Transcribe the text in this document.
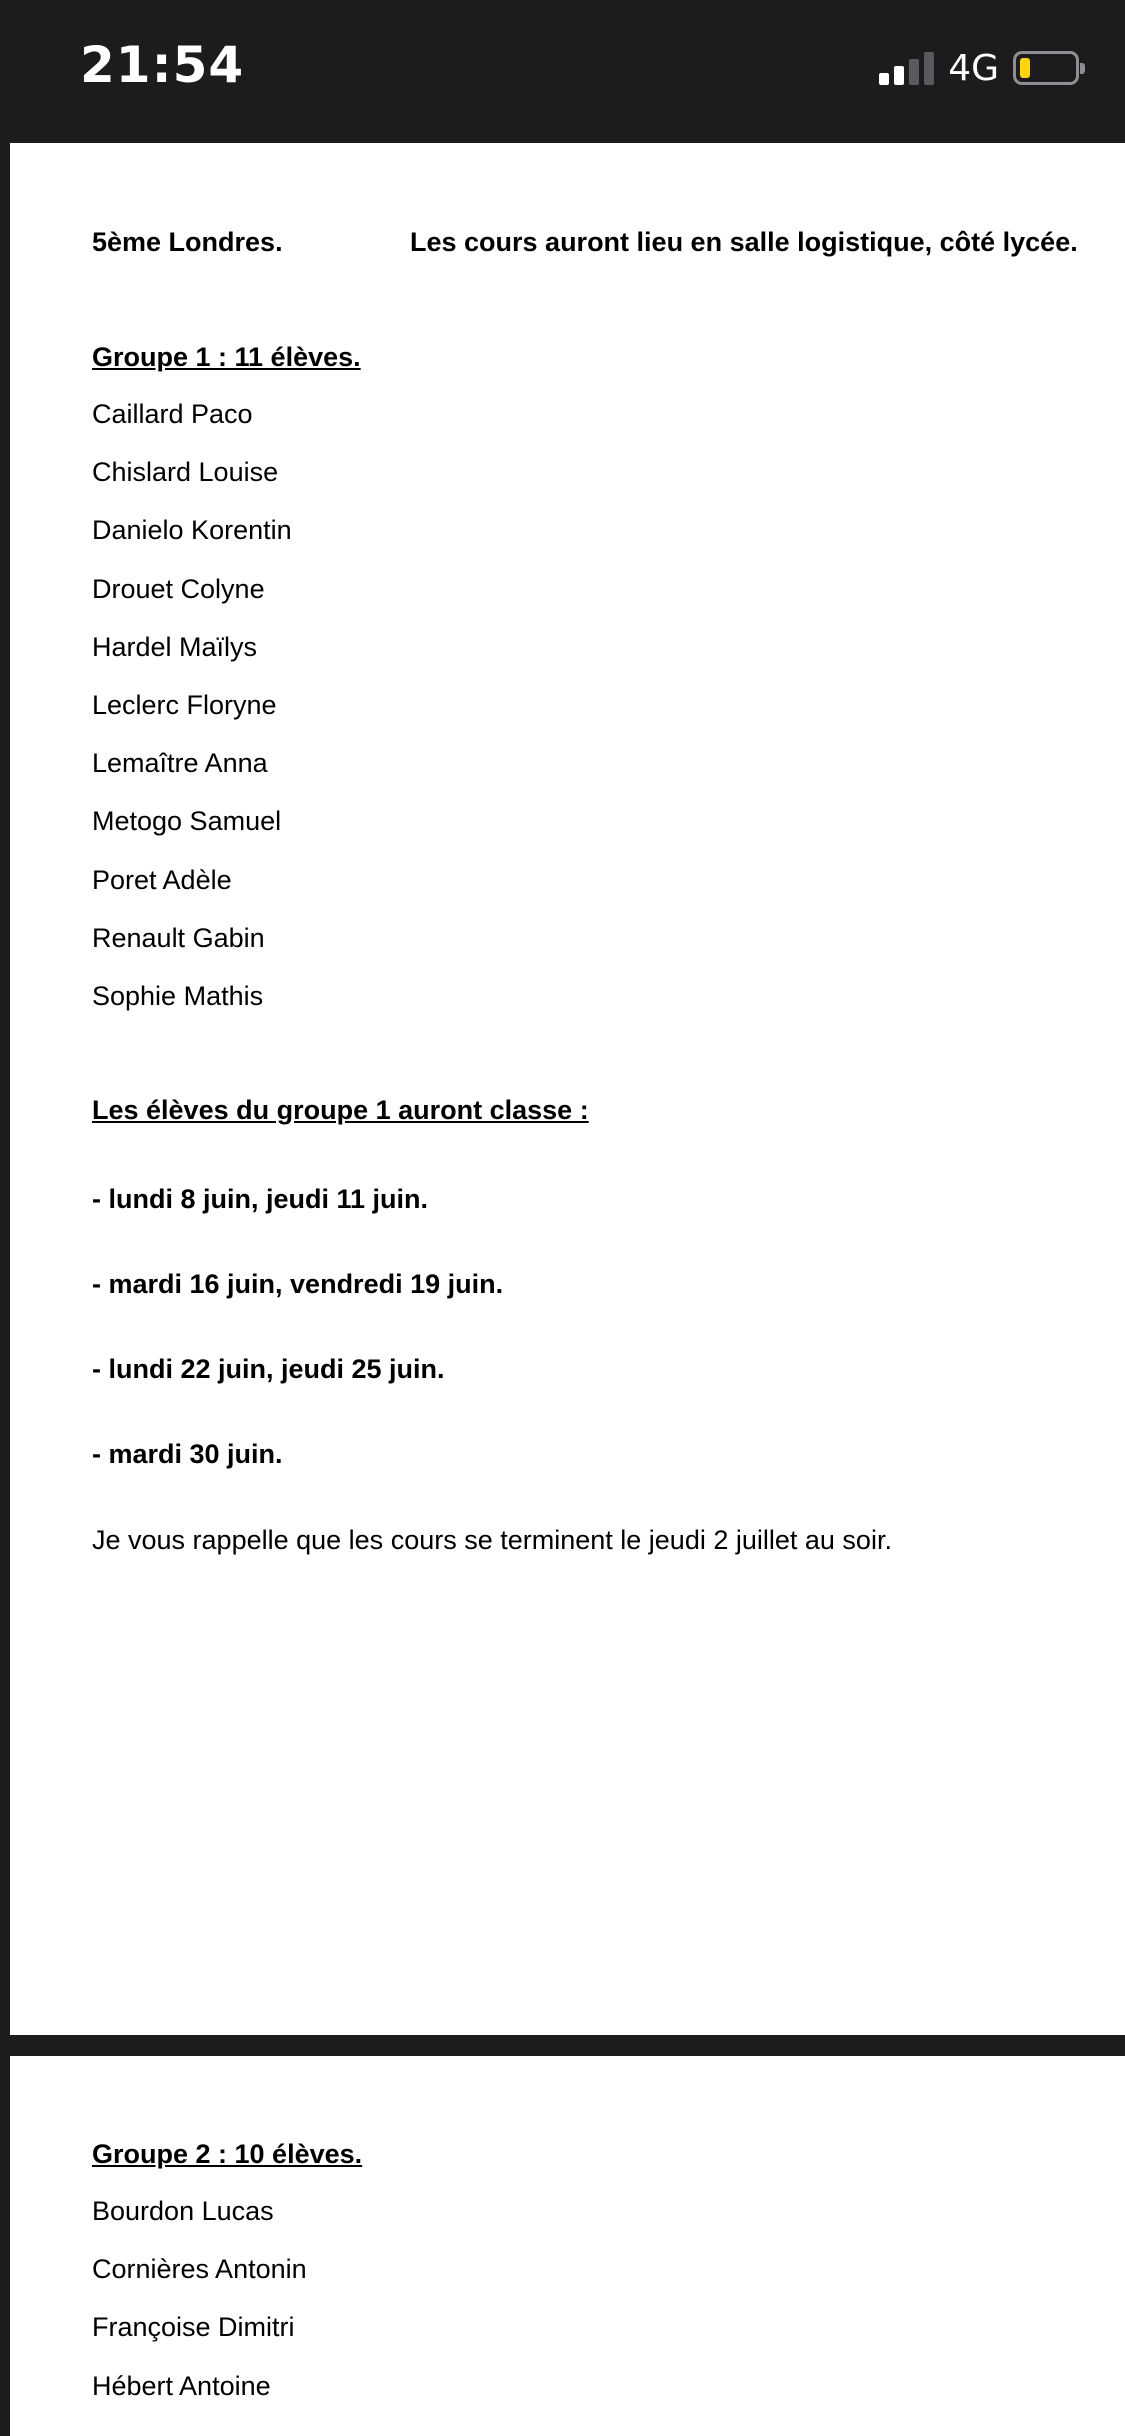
21:54	4G
5ème Londres.	Les cours auront lieu en salle logistique, côté lycée.
Groupe 1 : 11 élèves.
Caillard Paco
Chislard Louise
Danielo Korentin
Drouet Colyne
Hardel Maïlys
Leclerc Floryne
Lemaître Anna
Metogo Samuel
Poret Adèle
Renault Gabin
Sophie Mathis
Les élèves du groupe 1 auront classe :
- lundi 8 juin, jeudi 11 juin.
- mardi 16 juin, vendredi 19 juin.
- lundi 22 juin, jeudi 25 juin.
- mardi 30 juin.
Je vous rappelle que les cours se terminent le jeudi 2 juillet au soir.
Groupe 2 : 10 élèves.
Bourdon Lucas
Cornières Antonin
Françoise Dimitri
Hébert Antoine
